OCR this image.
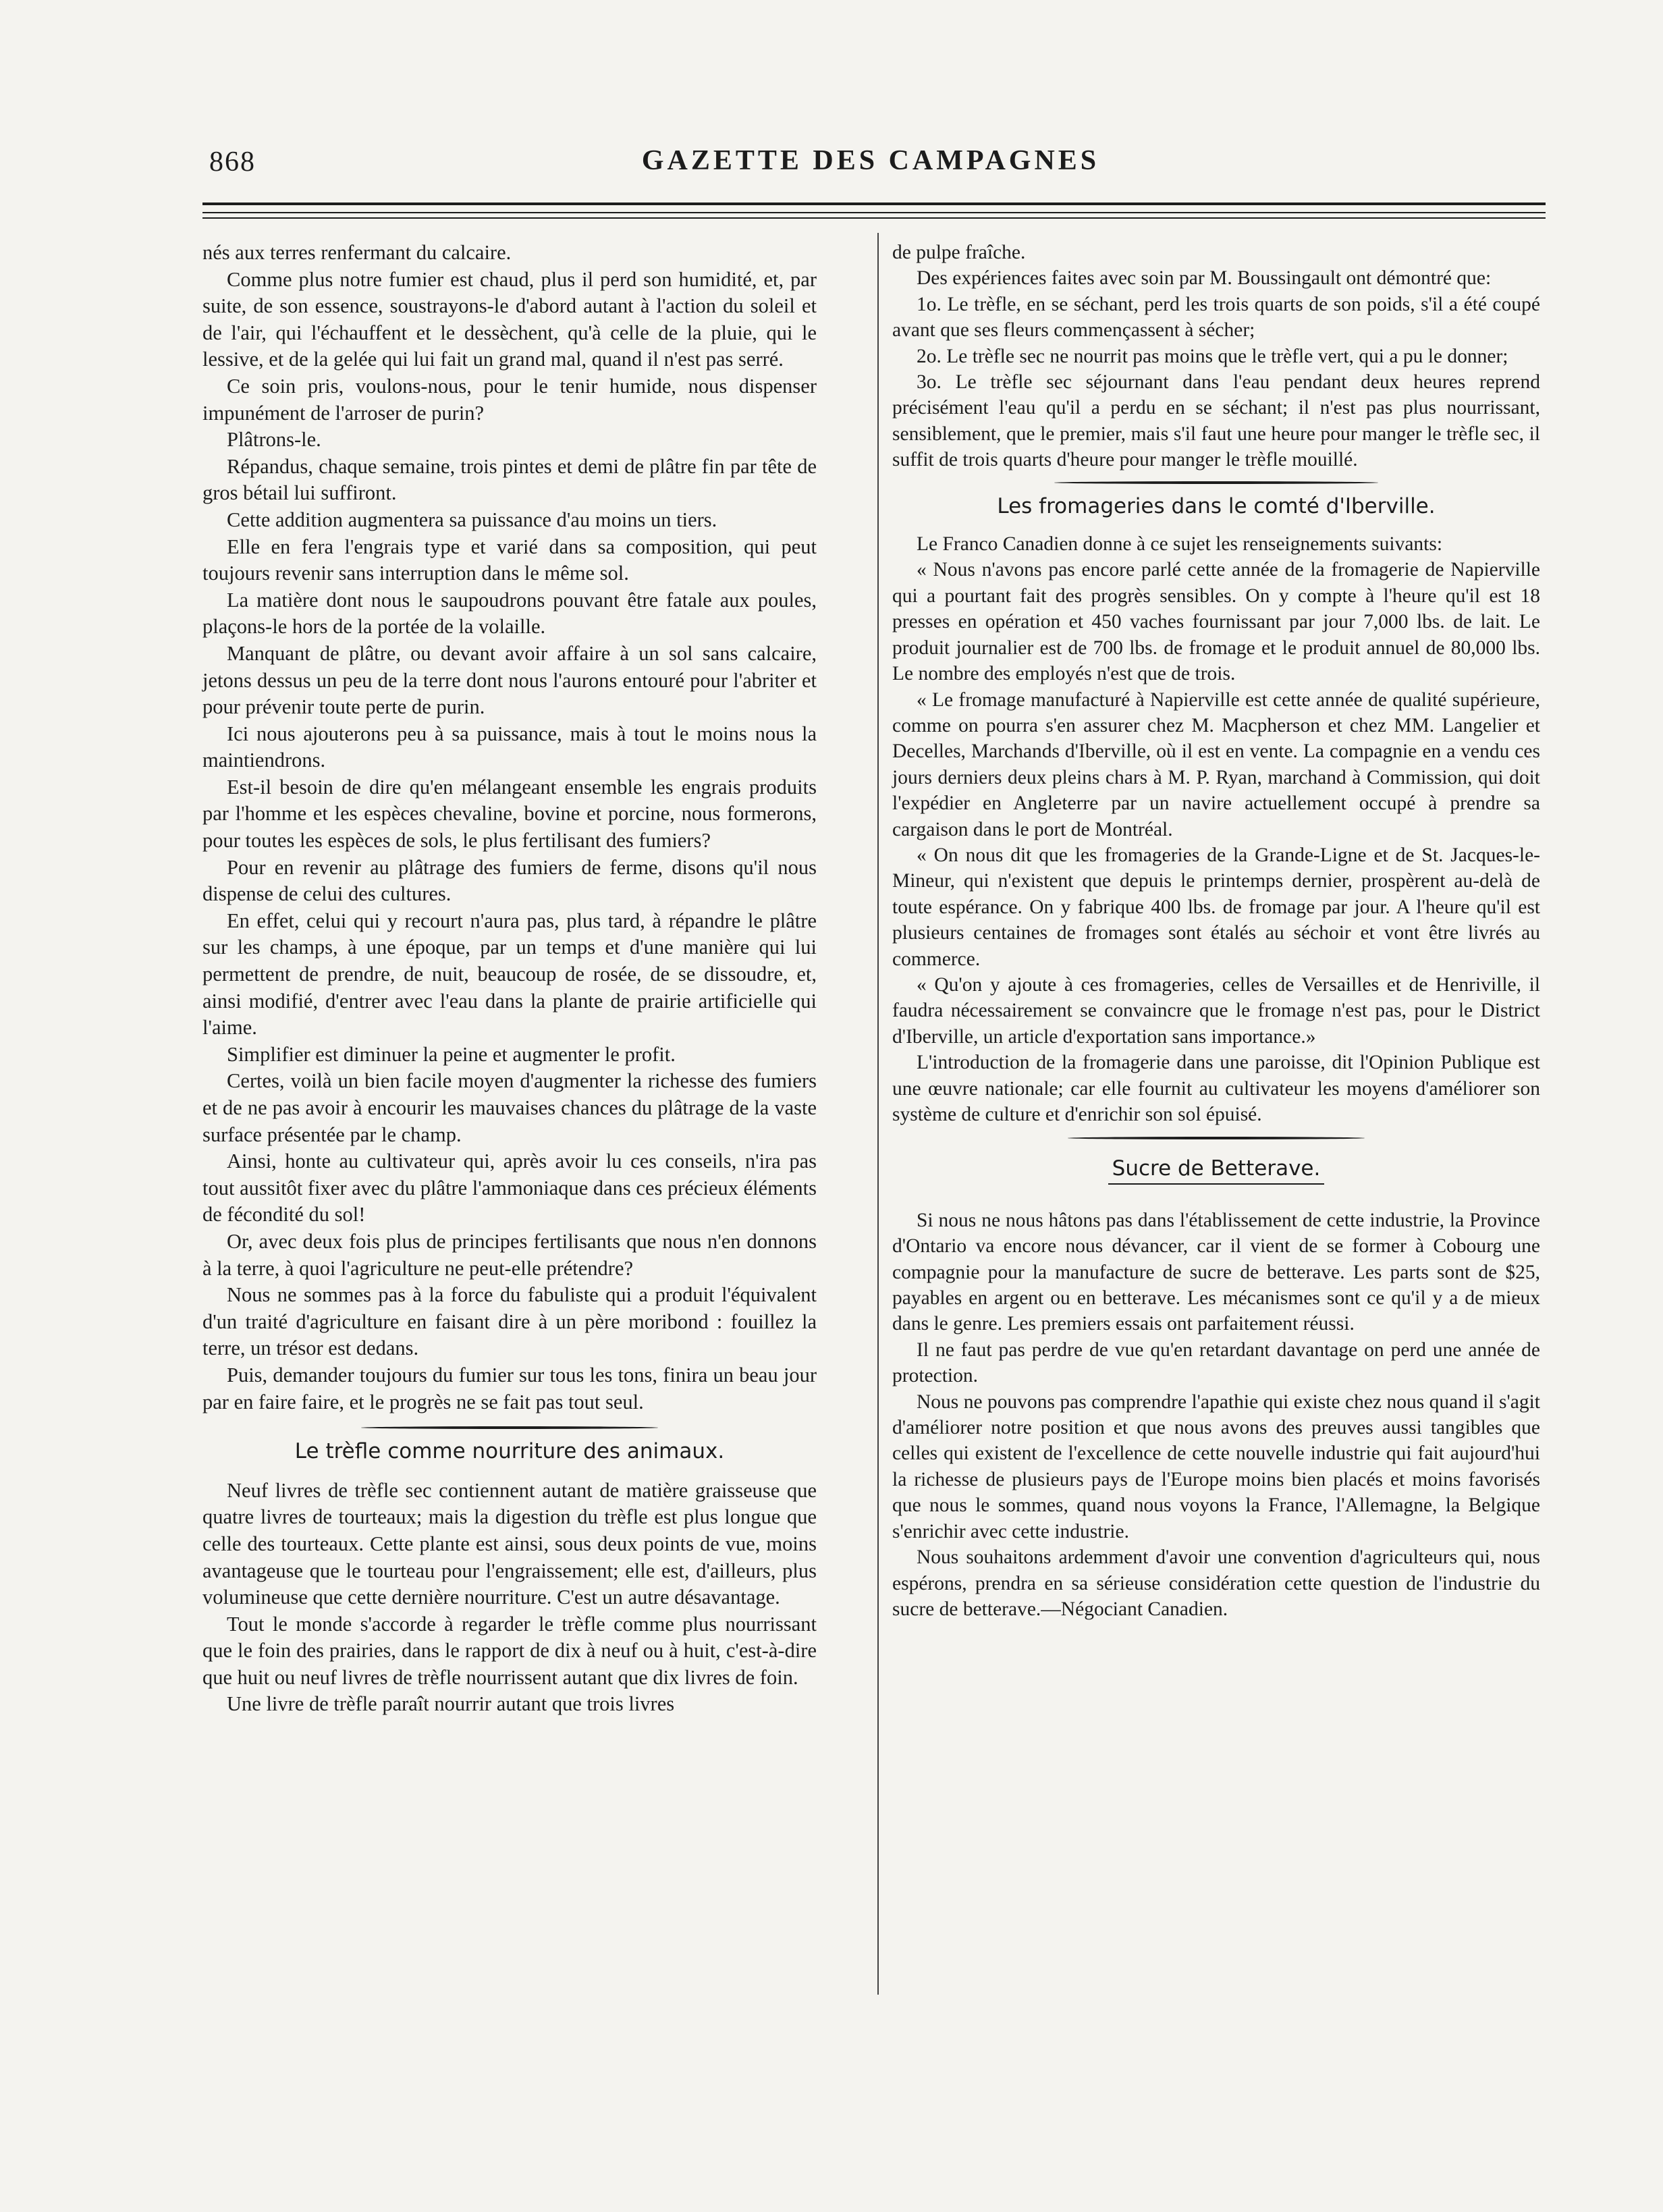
868	GAZETTE DES CAMPAGNES

nés aux terres renfermant du calcaire.

Comme plus notre fumier est chaud, plus il perd son humidité, et, par suite, de son essence, soustrayons-le d'abord autant à l'action du soleil et de l'air, qui l'échauffent et le dessèchent, qu'à celle de la pluie, qui le lessive, et de la gelée qui lui fait un grand mal, quand il n'est pas serré.

Ce soin pris, voulons-nous, pour le tenir humide, nous dispenser impunément de l'arroser de purin?

Plâtrons-le.

Répandus, chaque semaine, trois pintes et demi de plâtre fin par tête de gros bétail lui suffiront.

Cette addition augmentera sa puissance d'au moins un tiers.

Elle en fera l'engrais type et varié dans sa composition, qui peut toujours revenir sans interruption dans le même sol.

La matière dont nous le saupoudrons pouvant être fatale aux poules, plaçons-le hors de la portée de la volaille.

Manquant de plâtre, ou devant avoir affaire à un sol sans calcaire, jetons dessus un peu de la terre dont nous l'aurons entouré pour l'abriter et pour prévenir toute perte de purin.

Ici nous ajouterons peu à sa puissance, mais à tout le moins nous la maintiendrons.

Est-il besoin de dire qu'en mélangeant ensemble les engrais produits par l'homme et les espèces chevaline, bovine et porcine, nous formerons, pour toutes les espèces de sols, le plus fertilisant des fumiers?

Pour en revenir au plâtrage des fumiers de ferme, disons qu'il nous dispense de celui des cultures.

En effet, celui qui y recourt n'aura pas, plus tard, à répandre le plâtre sur les champs, à une époque, par un temps et d'une manière qui lui permettent de prendre, de nuit, beaucoup de rosée, de se dissoudre, et, ainsi modifié, d'entrer avec l'eau dans la plante de prairie artificielle qui l'aime.

Simplifier est diminuer la peine et augmenter le profit.

Certes, voilà un bien facile moyen d'augmenter la richesse des fumiers et de ne pas avoir à encourir les mauvaises chances du plâtrage de la vaste surface présentée par le champ.

Ainsi, honte au cultivateur qui, après avoir lu ces conseils, n'ira pas tout aussitôt fixer avec du plâtre l'ammoniaque dans ces précieux éléments de fécondité du sol!

Or, avec deux fois plus de principes fertilisants que nous n'en donnons à la terre, à quoi l'agriculture ne peut-elle prétendre?

Nous ne sommes pas à la force du fabuliste qui a produit l'équivalent d'un traité d'agriculture en faisant dire à un père moribond : fouillez la terre, un trésor est dedans.

Puis, demander toujours du fumier sur tous les tons, finira un beau jour par en faire faire, et le progrès ne se fait pas tout seul.

Le trèfle comme nourriture des animaux.

Neuf livres de trèfle sec contiennent autant de matière graisseuse que quatre livres de tourteaux; mais la digestion du trèfle est plus longue que celle des tourteaux. Cette plante est ainsi, sous deux points de vue, moins avantageuse que le tourteau pour l'engraissement; elle est, d'ailleurs, plus volumineuse que cette dernière nourriture. C'est un autre désavantage.

Tout le monde s'accorde à regarder le trèfle comme plus nourrissant que le foin des prairies, dans le rapport de dix à neuf ou à huit, c'est-à-dire que huit ou neuf livres de trèfle nourrissent autant que dix livres de foin.

Une livre de trèfle paraît nourrir autant que trois livres

de pulpe fraîche.

Des expériences faites avec soin par M. Boussingault ont démontré que:

1o. Le trèfle, en se séchant, perd les trois quarts de son poids, s'il a été coupé avant que ses fleurs commençassent à sécher;

2o. Le trèfle sec ne nourrit pas moins que le trèfle vert, qui a pu le donner;

3o. Le trèfle sec séjournant dans l'eau pendant deux heures reprend précisément l'eau qu'il a perdu en se séchant; il n'est pas plus nourrissant, sensiblement, que le premier, mais s'il faut une heure pour manger le trèfle sec, il suffit de trois quarts d'heure pour manger le trèfle mouillé.

Les fromageries dans le comté d'Iberville.

Le Franco Canadien donne à ce sujet les renseignements suivants:

« Nous n'avons pas encore parlé cette année de la fromagerie de Napierville qui a pourtant fait des progrès sensibles. On y compte à l'heure qu'il est 18 presses en opération et 450 vaches fournissant par jour 7,000 lbs. de lait. Le produit journalier est de 700 lbs. de fromage et le produit annuel de 80,000 lbs. Le nombre des employés n'est que de trois.

« Le fromage manufacturé à Napierville est cette année de qualité supérieure, comme on pourra s'en assurer chez M. Macpherson et chez MM. Langelier et Decelles, Marchands d'Iberville, où il est en vente. La compagnie en a vendu ces jours derniers deux pleins chars à M. P. Ryan, marchand à Commission, qui doit l'expédier en Angleterre par un navire actuellement occupé à prendre sa cargaison dans le port de Montréal.

« On nous dit que les fromageries de la Grande-Ligne et de St. Jacques-le-Mineur, qui n'existent que depuis le printemps dernier, prospèrent au-delà de toute espérance. On y fabrique 400 lbs. de fromage par jour. A l'heure qu'il est plusieurs centaines de fromages sont étalés au séchoir et vont être livrés au commerce.

« Qu'on y ajoute à ces fromageries, celles de Versailles et de Henriville, il faudra nécessairement se convaincre que le fromage n'est pas, pour le District d'Iberville, un article d'exportation sans importance.»

L'introduction de la fromagerie dans une paroisse, dit l'Opinion Publique est une œuvre nationale; car elle fournit au cultivateur les moyens d'améliorer son système de culture et d'enrichir son sol épuisé.

Sucre de Betterave.

Si nous ne nous hâtons pas dans l'établissement de cette industrie, la Province d'Ontario va encore nous dévancer, car il vient de se former à Cobourg une compagnie pour la manufacture de sucre de betterave. Les parts sont de $25, payables en argent ou en betterave. Les mécanismes sont ce qu'il y a de mieux dans le genre. Les premiers essais ont parfaitement réussi.

Il ne faut pas perdre de vue qu'en retardant davantage on perd une année de protection.

Nous ne pouvons pas comprendre l'apathie qui existe chez nous quand il s'agit d'améliorer notre position et que nous avons des preuves aussi tangibles que celles qui existent de l'excellence de cette nouvelle industrie qui fait aujourd'hui la richesse de plusieurs pays de l'Europe moins bien placés et moins favorisés que nous le sommes, quand nous voyons la France, l'Allemagne, la Belgique s'enrichir avec cette industrie.

Nous souhaitons ardemment d'avoir une convention d'agriculteurs qui, nous espérons, prendra en sa sérieuse considération cette question de l'industrie du sucre de betterave.—Négociant Canadien.
